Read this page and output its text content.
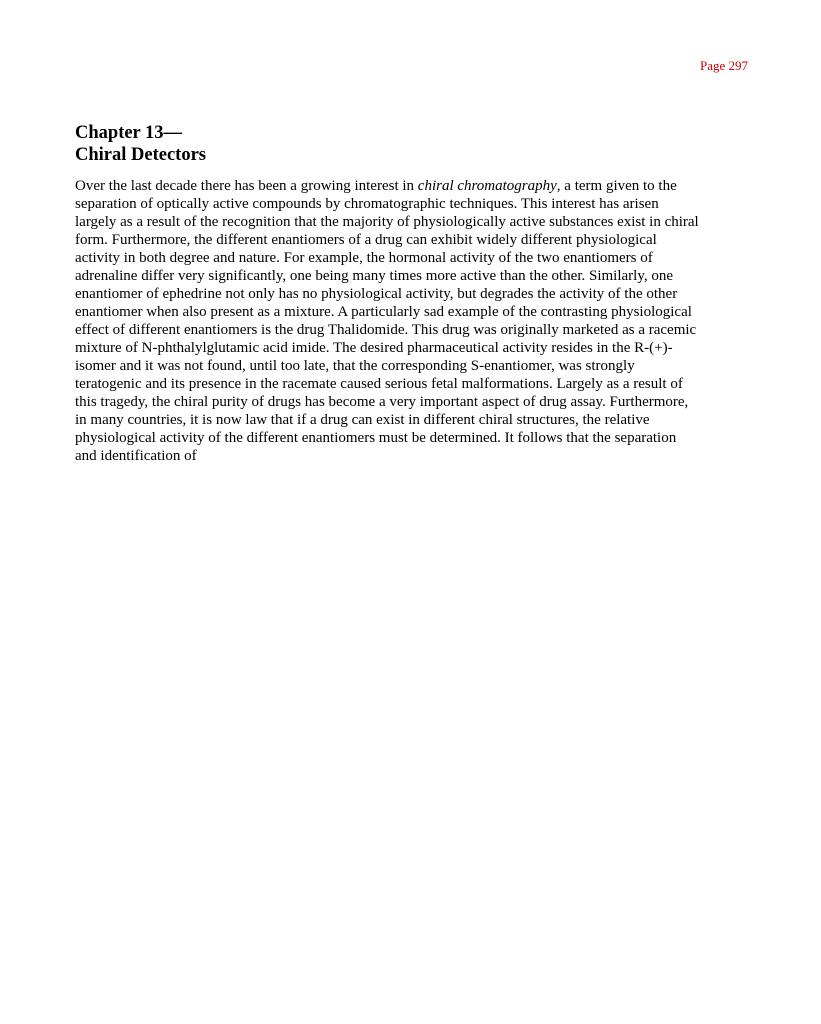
Page 297
Chapter 13—
Chiral Detectors
Over the last decade there has been a growing interest in chiral chromatography, a term given to the
separation of optically active compounds by chromatographic techniques. This interest has arisen
largely as a result of the recognition that the majority of physiologically active substances exist in chiral
form. Furthermore, the different enantiomers of a drug can exhibit widely different physiological
activity in both degree and nature. For example, the hormonal activity of the two enantiomers of
adrenaline differ very significantly, one being many times more active than the other. Similarly, one
enantiomer of ephedrine not only has no physiological activity, but degrades the activity of the other
enantiomer when also present as a mixture. A particularly sad example of the contrasting physiological
effect of different enantiomers is the drug Thalidomide. This drug was originally marketed as a racemic
mixture of N-phthalylglutamic acid imide. The desired pharmaceutical activity resides in the R-(+)-
isomer and it was not found, until too late, that the corresponding S-enantiomer, was strongly
teratogenic and its presence in the racemate caused serious fetal malformations. Largely as a result of
this tragedy, the chiral purity of drugs has become a very important aspect of drug assay. Furthermore,
in many countries, it is now law that if a drug can exist in different chiral structures, the relative
physiological activity of the different enantiomers must be determined. It follows that the separation
and identification of
